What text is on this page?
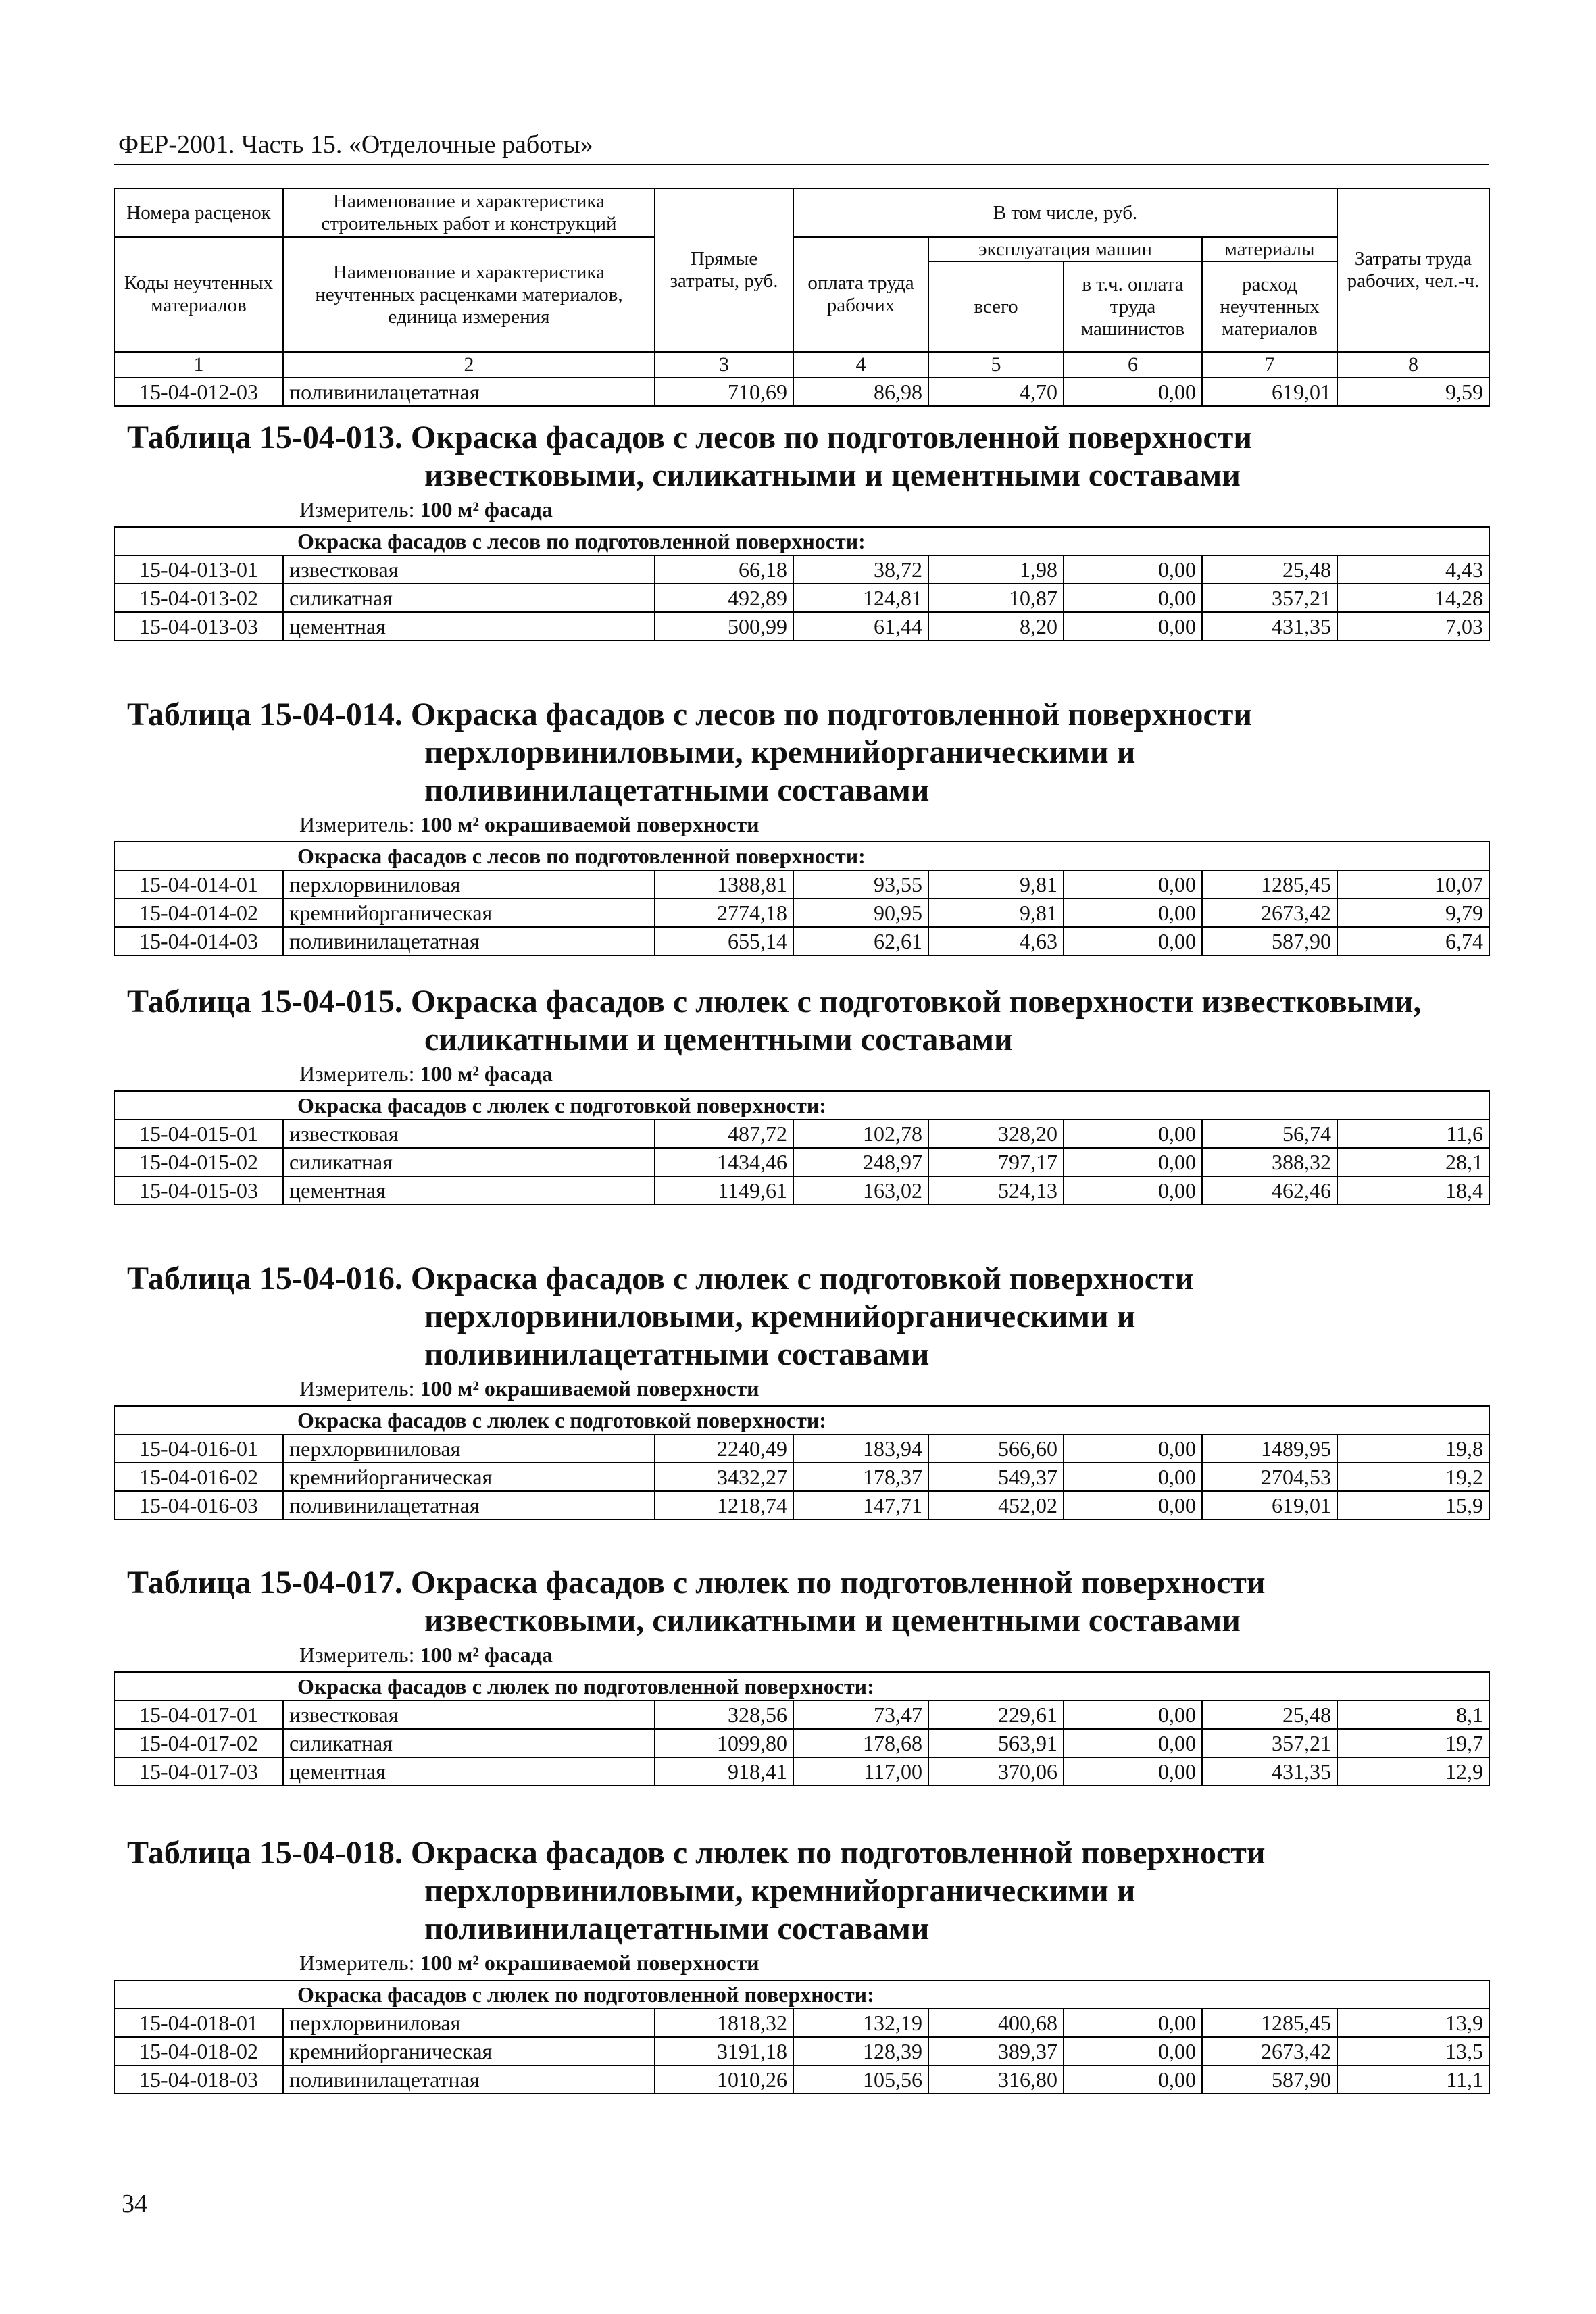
ФЕР-2001. Часть 15. «Отделочные работы»
Номера расценок	Наименование и характеристика строительных работ и конструкций	Прямые затраты, руб.	В том числе, руб.				Затраты труда рабочих, чел.-ч.
Коды неучтенных материалов	Наименование и характеристика неучтенных расценками материалов, единица измерения		оплата труда рабочих	эксплуатация машин		материалы	
				всего	в т.ч. оплата труда машинистов	расход неучтенных материалов	
1	2	3	4	5	6	7	8
15-04-012-03	поливинилацетатная	710,69	86,98	4,70	0,00	619,01	9,59
Таблица 15-04-013. Окраска фасадов с лесов по подготовленной поверхности
известковыми, силикатными и цементными составами
Измеритель: 100 м² фасада
Окраска фасадов с лесов по подготовленной поверхности:							
15-04-013-01	известковая	66,18	38,72	1,98	0,00	25,48	4,43
15-04-013-02	силикатная	492,89	124,81	10,87	0,00	357,21	14,28
15-04-013-03	цементная	500,99	61,44	8,20	0,00	431,35	7,03
Таблица 15-04-014. Окраска фасадов с лесов по подготовленной поверхности
перхлорвиниловыми, кремнийорганическими и
поливинилацетатными составами
Измеритель: 100 м² окрашиваемой поверхности
Окраска фасадов с лесов по подготовленной поверхности:							
15-04-014-01	перхлорвиниловая	1388,81	93,55	9,81	0,00	1285,45	10,07
15-04-014-02	кремнийорганическая	2774,18	90,95	9,81	0,00	2673,42	9,79
15-04-014-03	поливинилацетатная	655,14	62,61	4,63	0,00	587,90	6,74
Таблица 15-04-015. Окраска фасадов с люлек с подготовкой поверхности известковыми,
силикатными и цементными составами
Измеритель: 100 м² фасада
Окраска фасадов с люлек с подготовкой поверхности:							
15-04-015-01	известковая	487,72	102,78	328,20	0,00	56,74	11,6
15-04-015-02	силикатная	1434,46	248,97	797,17	0,00	388,32	28,1
15-04-015-03	цементная	1149,61	163,02	524,13	0,00	462,46	18,4
Таблица 15-04-016. Окраска фасадов с люлек с подготовкой поверхности
перхлорвиниловыми, кремнийорганическими и
поливинилацетатными составами
Измеритель: 100 м² окрашиваемой поверхности
Окраска фасадов с люлек с подготовкой поверхности:							
15-04-016-01	перхлорвиниловая	2240,49	183,94	566,60	0,00	1489,95	19,8
15-04-016-02	кремнийорганическая	3432,27	178,37	549,37	0,00	2704,53	19,2
15-04-016-03	поливинилацетатная	1218,74	147,71	452,02	0,00	619,01	15,9
Таблица 15-04-017. Окраска фасадов с люлек по подготовленной поверхности
известковыми, силикатными и цементными составами
Измеритель: 100 м² фасада
Окраска фасадов с люлек по подготовленной поверхности:							
15-04-017-01	известковая	328,56	73,47	229,61	0,00	25,48	8,1
15-04-017-02	силикатная	1099,80	178,68	563,91	0,00	357,21	19,7
15-04-017-03	цементная	918,41	117,00	370,06	0,00	431,35	12,9
Таблица 15-04-018. Окраска фасадов с люлек по подготовленной поверхности
перхлорвиниловыми, кремнийорганическими и
поливинилацетатными составами
Измеритель: 100 м² окрашиваемой поверхности
Окраска фасадов с люлек по подготовленной поверхности:							
15-04-018-01	перхлорвиниловая	1818,32	132,19	400,68	0,00	1285,45	13,9
15-04-018-02	кремнийорганическая	3191,18	128,39	389,37	0,00	2673,42	13,5
15-04-018-03	поливинилацетатная	1010,26	105,56	316,80	0,00	587,90	11,1
34
